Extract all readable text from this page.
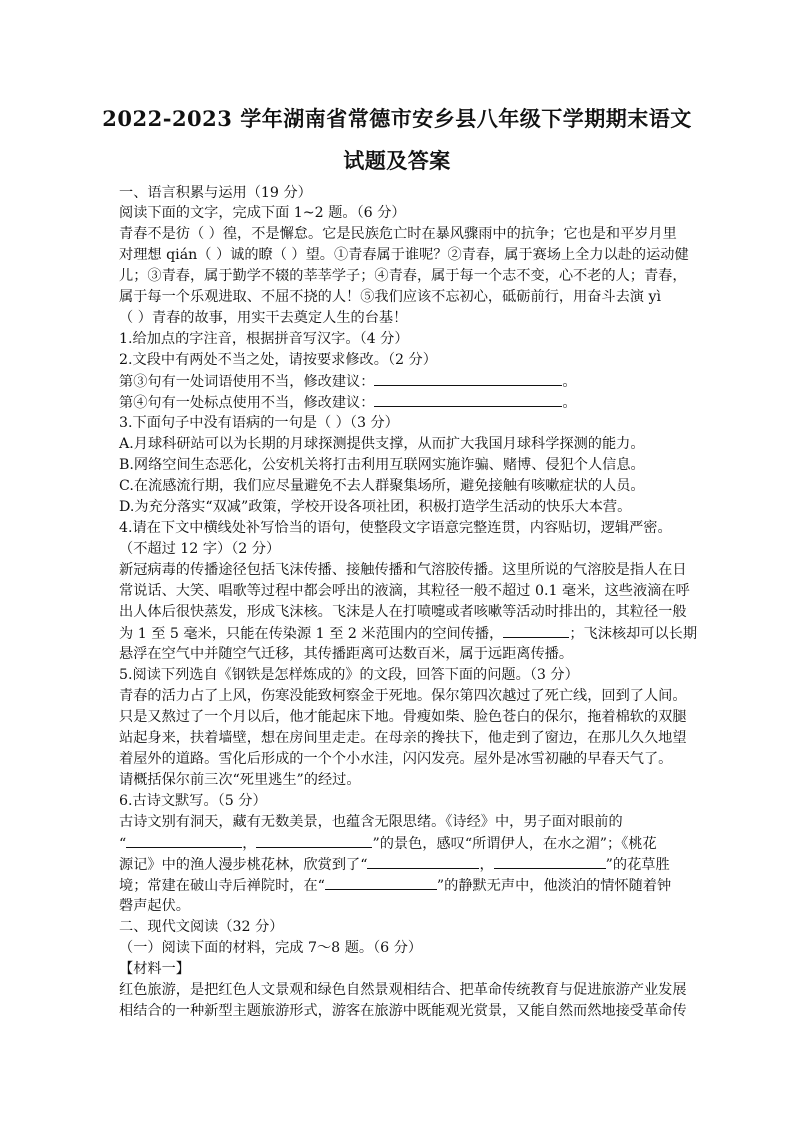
2022-2023 学年湖南省常德市安乡县八年级下学期期末语文
试题及答案
一、语言积累与运用（19 分）
阅读下面的文字，完成下面 1~2 题。（6 分）
青春不是彷（ ）徨，不是懈怠。它是民族危亡时在暴风骤雨中的抗争；它也是和平岁月里
对理想 qián（ ）诚的瞭（ ）望。①青春属于谁呢？②青春，属于赛场上全力以赴的运动健
儿；③青春，属于勤学不辍的莘莘学子；④青春，属于每一个志不变，心不老的人；青春，
属于每一个乐观进取、不屈不挠的人！⑤我们应该不忘初心，砥砺前行，用奋斗去演 yì
（ ）青春的故事，用实干去奠定人生的台基！
1.给加点的字注音，根据拼音写汉字。（4 分）
2.文段中有两处不当之处，请按要求修改。（2 分）
第③句有一处词语使用不当，修改建议：	。
第④句有一处标点使用不当，修改建议：	。
3.下面句子中没有语病的一句是（ ）（3 分）
A.月球科研站可以为长期的月球探测提供支撑，从而扩大我国月球科学探测的能力。
B.网络空间生态恶化，公安机关将打击利用互联网实施诈骗、赌博、侵犯个人信息。
C.在流感流行期，我们应尽量避免不去人群聚集场所，避免接触有咳嗽症状的人员。
D.为充分落实“双减”政策，学校开设各项社团，积极打造学生活动的快乐大本营。
4.请在下文中横线处补写恰当的语句，使整段文字语意完整连贯，内容贴切，逻辑严密。
（不超过 12 字）（2 分）
新冠病毒的传播途径包括飞沫传播、接触传播和气溶胶传播。这里所说的气溶胶是指人在日
常说话、大笑、唱歌等过程中都会呼出的液滴，其粒径一般不超过 0.1 毫米，这些液滴在呼
出人体后很快蒸发，形成飞沫核。飞沫是人在打喷嚏或者咳嗽等活动时排出的，其粒径一般
为 1 至 5 毫米，只能在传染源 1 至 2 米范围内的空间传播，	；飞沫核却可以长期
悬浮在空气中并随空气迁移，其传播距离可达数百米，属于远距离传播。
5.阅读下列选自《钢铁是怎样炼成的》的文段，回答下面的问题。（3 分）
青春的活力占了上风，伤寒没能致柯察金于死地。保尔第四次越过了死亡线，回到了人间。
只是又熬过了一个月以后，他才能起床下地。骨瘦如柴、脸色苍白的保尔，拖着棉软的双腿
站起身来，扶着墙壁，想在房间里走走。在母亲的搀扶下，他走到了窗边，在那儿久久地望
着屋外的道路。雪化后形成的一个个小水洼，闪闪发亮。屋外是冰雪初融的早春天气了。
请概括保尔前三次“死里逃生”的经过。
6.古诗文默写。（5 分）
古诗文别有洞天，藏有无数美景，也蕴含无限思绪。《诗经》中，男子面对眼前的
“	，	”的景色，感叹“所谓伊人，在水之湄”；《桃花
源记》中的渔人漫步桃花林，欣赏到了“	，	”的花草胜
境；常建在破山寺后禅院时，在“	”的静默无声中，他淡泊的情怀随着钟
磬声起伏。
二、现代文阅读（32 分）
（一）阅读下面的材料，完成 7～8 题。（6 分）
【材料一】
红色旅游，是把红色人文景观和绿色自然景观相结合、把革命传统教育与促进旅游产业发展
相结合的一种新型主题旅游形式，游客在旅游中既能观光赏景，又能自然而然地接受革命传
